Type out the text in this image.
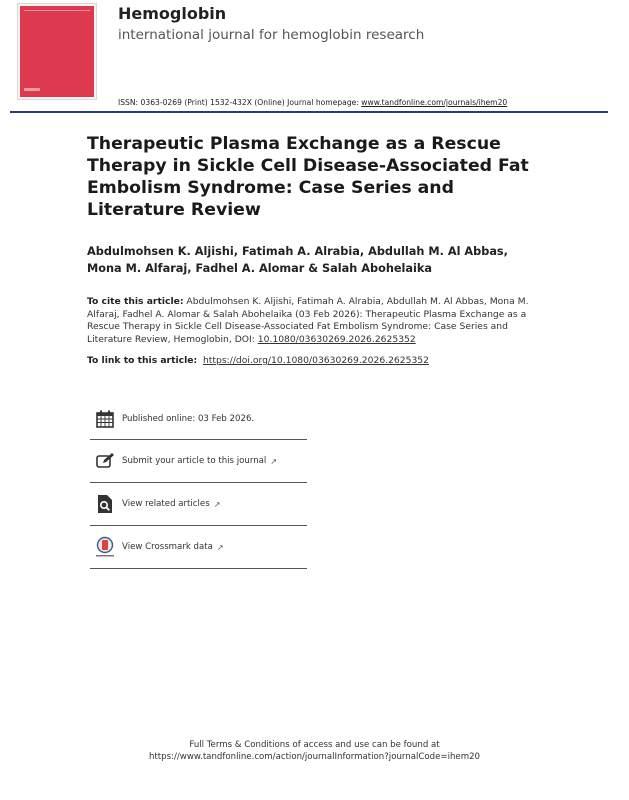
Hemoglobin
international journal for hemoglobin research
ISSN: 0363-0269 (Print) 1532-432X (Online) Journal homepage: www.tandfonline.com/journals/ihem20
Therapeutic Plasma Exchange as a Rescue Therapy in Sickle Cell Disease-Associated Fat Embolism Syndrome: Case Series and Literature Review
Abdulmohsen K. Aljishi, Fatimah A. Alrabia, Abdullah M. Al Abbas, Mona M. Alfaraj, Fadhel A. Alomar & Salah Abohelaika
To cite this article: Abdulmohsen K. Aljishi, Fatimah A. Alrabia, Abdullah M. Al Abbas, Mona M. Alfaraj, Fadhel A. Alomar & Salah Abohelaika (03 Feb 2026): Therapeutic Plasma Exchange as a Rescue Therapy in Sickle Cell Disease-Associated Fat Embolism Syndrome: Case Series and Literature Review, Hemoglobin, DOI: 10.1080/03630269.2026.2625352
To link to this article: https://doi.org/10.1080/03630269.2026.2625352
Published online: 03 Feb 2026.
Submit your article to this journal ↗
View related articles ↗
View Crossmark data ↗
Full Terms & Conditions of access and use can be found at
https://www.tandfonline.com/action/journalInformation?journalCode=ihem20
